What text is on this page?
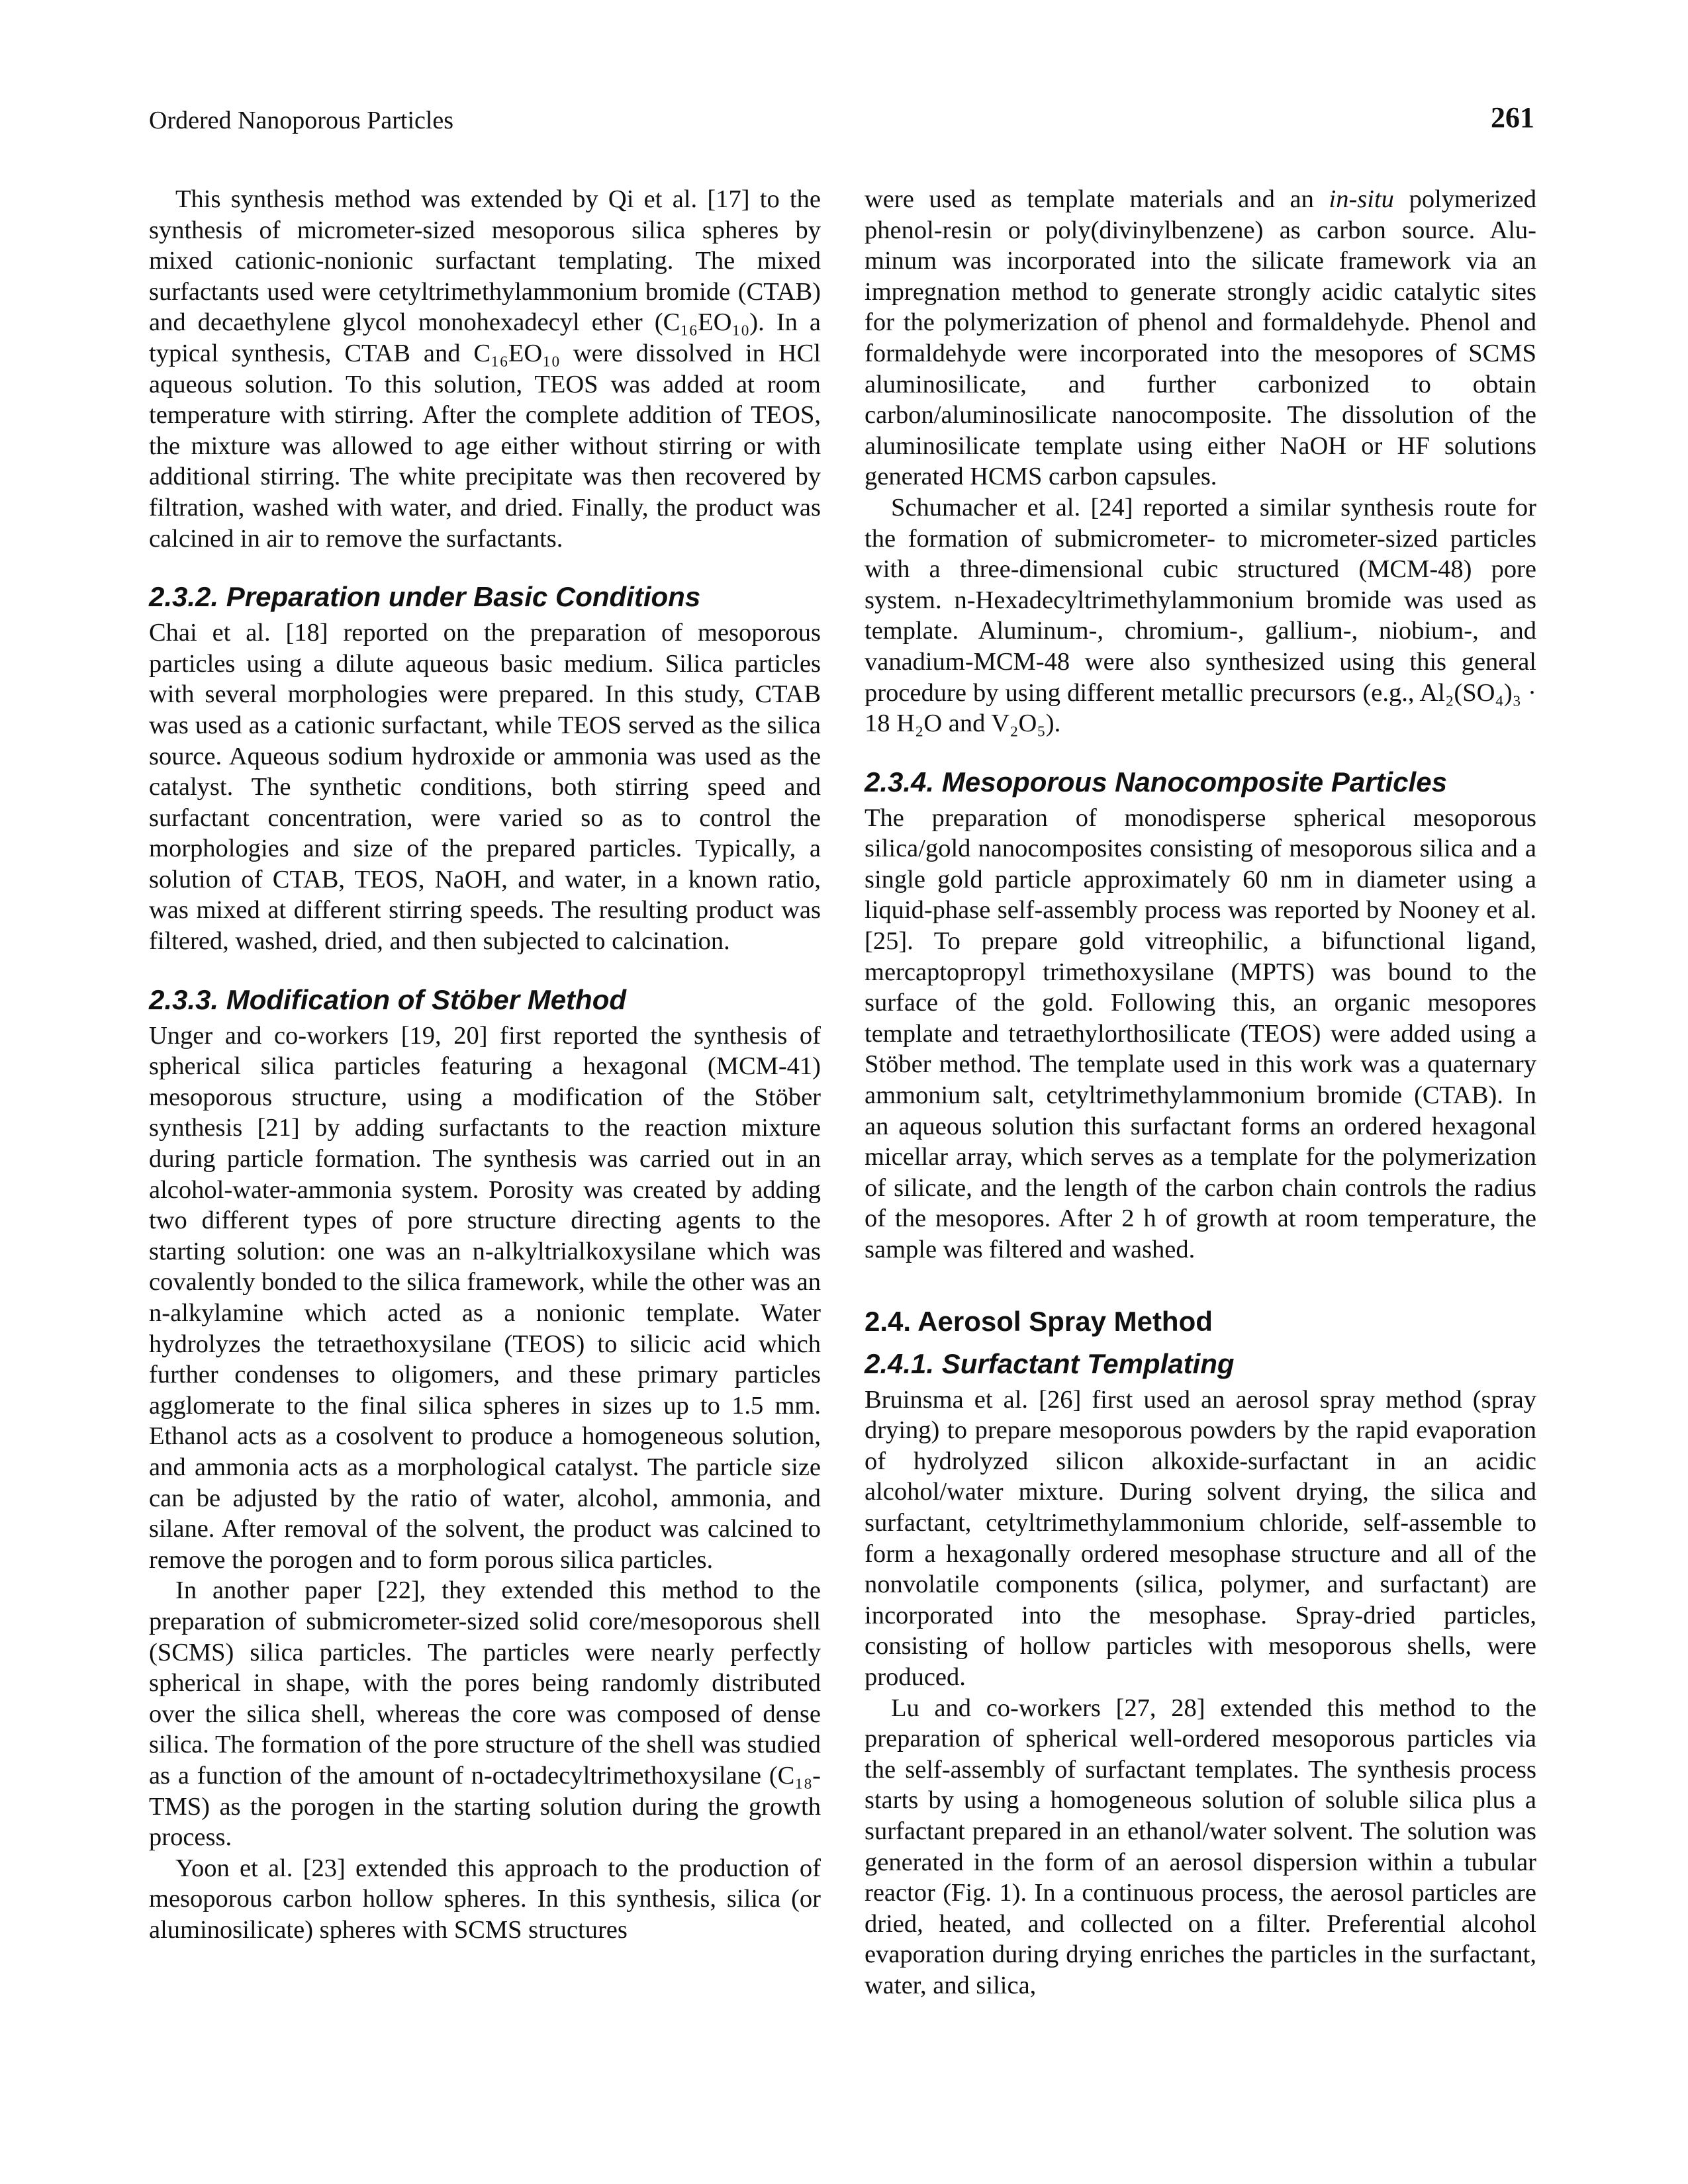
Ordered Nanoporous Particles	261

This synthesis method was extended by Qi et al. [17] to the synthesis of micrometer-sized mesoporous silica spheres by mixed cationic-nonionic surfactant templating. The mixed surfactants used were cetyltrimethylammonium bromide (CTAB) and decaethylene glycol monohexadecyl ether (C₁₆EO₁₀). In a typical synthesis, CTAB and C₁₆EO₁₀ were dissolved in HCl aqueous solution. To this solution, TEOS was added at room temperature with stirring. After the complete addition of TEOS, the mixture was allowed to age either without stirring or with additional stirring. The white precipitate was then recovered by filtration, washed with water, and dried. Finally, the product was calcined in air to remove the surfactants.

2.3.2. Preparation under Basic Conditions

Chai et al. [18] reported on the preparation of mesoporous particles using a dilute aqueous basic medium. Silica particles with several morphologies were prepared. In this study, CTAB was used as a cationic surfactant, while TEOS served as the silica source. Aqueous sodium hydroxide or ammonia was used as the catalyst. The synthetic conditions, both stirring speed and surfactant concentration, were varied so as to control the morphologies and size of the prepared particles. Typically, a solution of CTAB, TEOS, NaOH, and water, in a known ratio, was mixed at different stirring speeds. The resulting product was filtered, washed, dried, and then subjected to calcination.

2.3.3. Modification of Stöber Method

Unger and co-workers [19, 20] first reported the synthesis of spherical silica particles featuring a hexagonal (MCM-41) mesoporous structure, using a modification of the Stöber synthesis [21] by adding surfactants to the reaction mixture during particle formation. The synthesis was carried out in an alcohol-water-ammonia system. Porosity was created by adding two different types of pore structure directing agents to the starting solution: one was an n-alkyltrialkoxysilane which was covalently bonded to the silica framework, while the other was an n-alkylamine which acted as a nonionic template. Water hydrolyzes the tetraethoxysilane (TEOS) to silicic acid which further condenses to oligomers, and these primary particles agglomerate to the final silica spheres in sizes up to 1.5 mm. Ethanol acts as a cosolvent to produce a homogeneous solution, and ammonia acts as a morphological catalyst. The particle size can be adjusted by the ratio of water, alcohol, ammonia, and silane. After removal of the solvent, the product was calcined to remove the porogen and to form porous silica particles.

In another paper [22], they extended this method to the preparation of submicrometer-sized solid core/mesoporous shell (SCMS) silica particles. The particles were nearly perfectly spherical in shape, with the pores being randomly distributed over the silica shell, whereas the core was composed of dense silica. The formation of the pore structure of the shell was studied as a function of the amount of n-octadecyltrimethoxysilane (C₁₈-TMS) as the porogen in the starting solution during the growth process.

Yoon et al. [23] extended this approach to the production of mesoporous carbon hollow spheres. In this synthesis, silica (or aluminosilicate) spheres with SCMS structures

were used as template materials and an in-situ polymerized phenol-resin or poly(divinylbenzene) as carbon source. Aluminum was incorporated into the silicate framework via an impregnation method to generate strongly acidic catalytic sites for the polymerization of phenol and formaldehyde. Phenol and formaldehyde were incorporated into the mesopores of SCMS aluminosilicate, and further carbonized to obtain carbon/aluminosilicate nanocomposite. The dissolution of the aluminosilicate template using either NaOH or HF solutions generated HCMS carbon capsules.

Schumacher et al. [24] reported a similar synthesis route for the formation of submicrometer- to micrometer-sized particles with a three-dimensional cubic structured (MCM-48) pore system. n-Hexadecyltrimethylammonium bromide was used as template. Aluminum-, chromium-, gallium-, niobium-, and vanadium-MCM-48 were also synthesized using this general procedure by using different metallic precursors (e.g., Al₂(SO₄)₃ · 18 H₂O and V₂O₅).

2.3.4. Mesoporous Nanocomposite Particles

The preparation of monodisperse spherical mesoporous silica/gold nanocomposites consisting of mesoporous silica and a single gold particle approximately 60 nm in diameter using a liquid-phase self-assembly process was reported by Nooney et al. [25]. To prepare gold vitreophilic, a bifunctional ligand, mercaptopropyl trimethoxysilane (MPTS) was bound to the surface of the gold. Following this, an organic mesopores template and tetraethylorthosilicate (TEOS) were added using a Stöber method. The template used in this work was a quaternary ammonium salt, cetyltrimethylammonium bromide (CTAB). In an aqueous solution this surfactant forms an ordered hexagonal micellar array, which serves as a template for the polymerization of silicate, and the length of the carbon chain controls the radius of the mesopores. After 2 h of growth at room temperature, the sample was filtered and washed.

2.4. Aerosol Spray Method
2.4.1. Surfactant Templating

Bruinsma et al. [26] first used an aerosol spray method (spray drying) to prepare mesoporous powders by the rapid evaporation of hydrolyzed silicon alkoxide-surfactant in an acidic alcohol/water mixture. During solvent drying, the silica and surfactant, cetyltrimethylammonium chloride, self-assemble to form a hexagonally ordered mesophase structure and all of the nonvolatile components (silica, polymer, and surfactant) are incorporated into the mesophase. Spray-dried particles, consisting of hollow particles with mesoporous shells, were produced.

Lu and co-workers [27, 28] extended this method to the preparation of spherical well-ordered mesoporous particles via the self-assembly of surfactant templates. The synthesis process starts by using a homogeneous solution of soluble silica plus a surfactant prepared in an ethanol/water solvent. The solution was generated in the form of an aerosol dispersion within a tubular reactor (Fig. 1). In a continuous process, the aerosol particles are dried, heated, and collected on a filter. Preferential alcohol evaporation during drying enriches the particles in the surfactant, water, and silica,
